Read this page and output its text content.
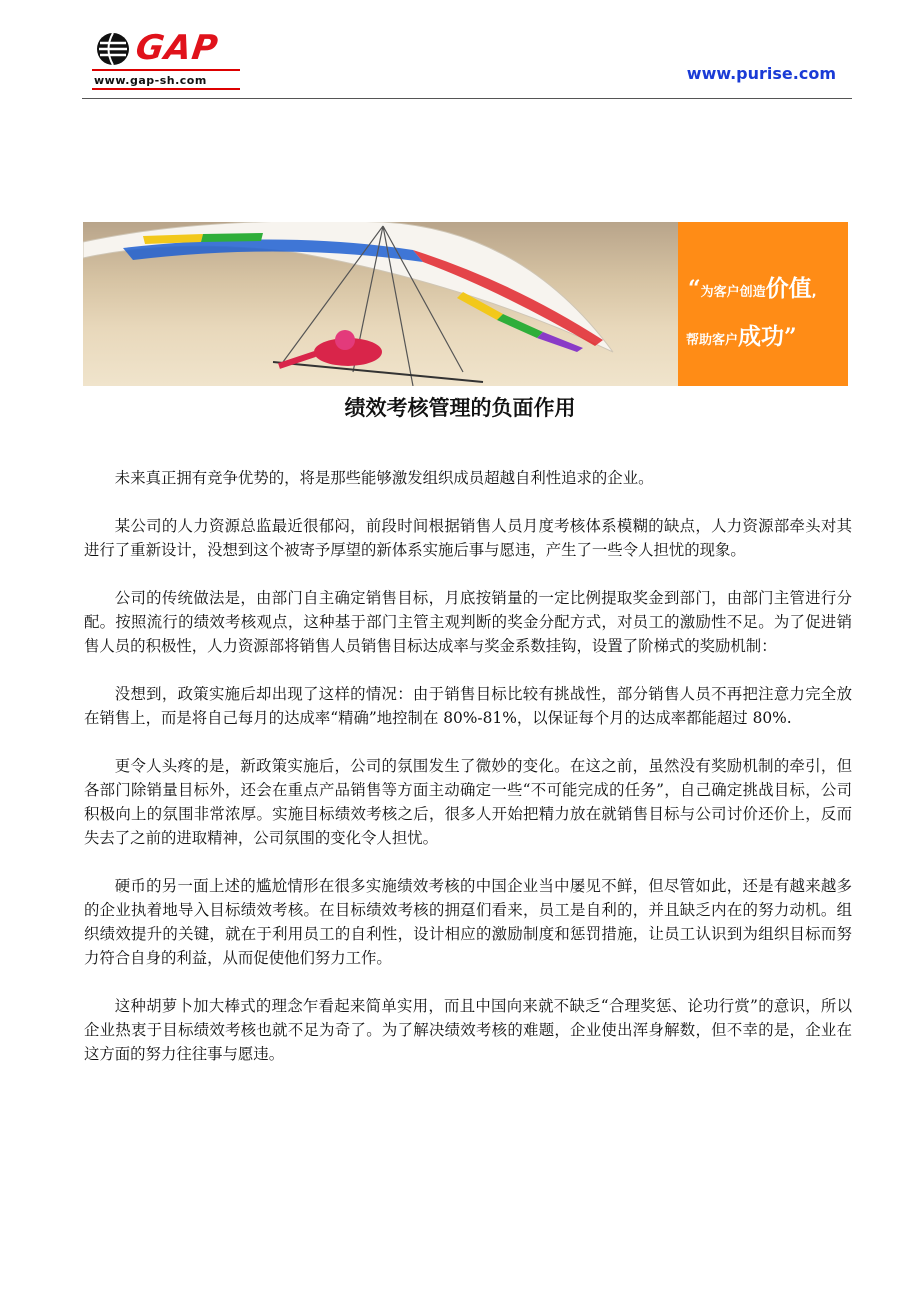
GAP
www.gap-sh.com	www.purise.com
“为客户创造价值,
帮助客户成功”
绩效考核管理的负面作用

未来真正拥有竞争优势的，将是那些能够激发组织成员超越自利性追求的企业。

某公司的人力资源总监最近很郁闷，前段时间根据销售人员月度考核体系模糊的缺点，人力资源部牵头对其进行了重新设计，没想到这个被寄予厚望的新体系实施后事与愿违，产生了一些令人担忧的现象。

公司的传统做法是，由部门自主确定销售目标，月底按销量的一定比例提取奖金到部门，由部门主管进行分配。按照流行的绩效考核观点，这种基于部门主管主观判断的奖金分配方式，对员工的激励性不足。为了促进销售人员的积极性，人力资源部将销售人员销售目标达成率与奖金系数挂钩，设置了阶梯式的奖励机制：

没想到，政策实施后却出现了这样的情况：由于销售目标比较有挑战性，部分销售人员不再把注意力完全放在销售上，而是将自己每月的达成率“精确”地控制在 80%-81%，以保证每个月的达成率都能超过 80%.

更令人头疼的是，新政策实施后，公司的氛围发生了微妙的变化。在这之前，虽然没有奖励机制的牵引，但各部门除销量目标外，还会在重点产品销售等方面主动确定一些“不可能完成的任务”，自己确定挑战目标，公司积极向上的氛围非常浓厚。实施目标绩效考核之后，很多人开始把精力放在就销售目标与公司讨价还价上，反而失去了之前的进取精神，公司氛围的变化令人担忧。

硬币的另一面上述的尴尬情形在很多实施绩效考核的中国企业当中屡见不鲜，但尽管如此，还是有越来越多的企业执着地导入目标绩效考核。在目标绩效考核的拥趸们看来，员工是自利的，并且缺乏内在的努力动机。组织绩效提升的关键，就在于利用员工的自利性，设计相应的激励制度和惩罚措施，让员工认识到为组织目标而努力符合自身的利益，从而促使他们努力工作。

这种胡萝卜加大棒式的理念乍看起来简单实用，而且中国向来就不缺乏“合理奖惩、论功行赏”的意识，所以企业热衷于目标绩效考核也就不足为奇了。为了解决绩效考核的难题，企业使出浑身解数，但不幸的是，企业在这方面的努力往往事与愿违。
